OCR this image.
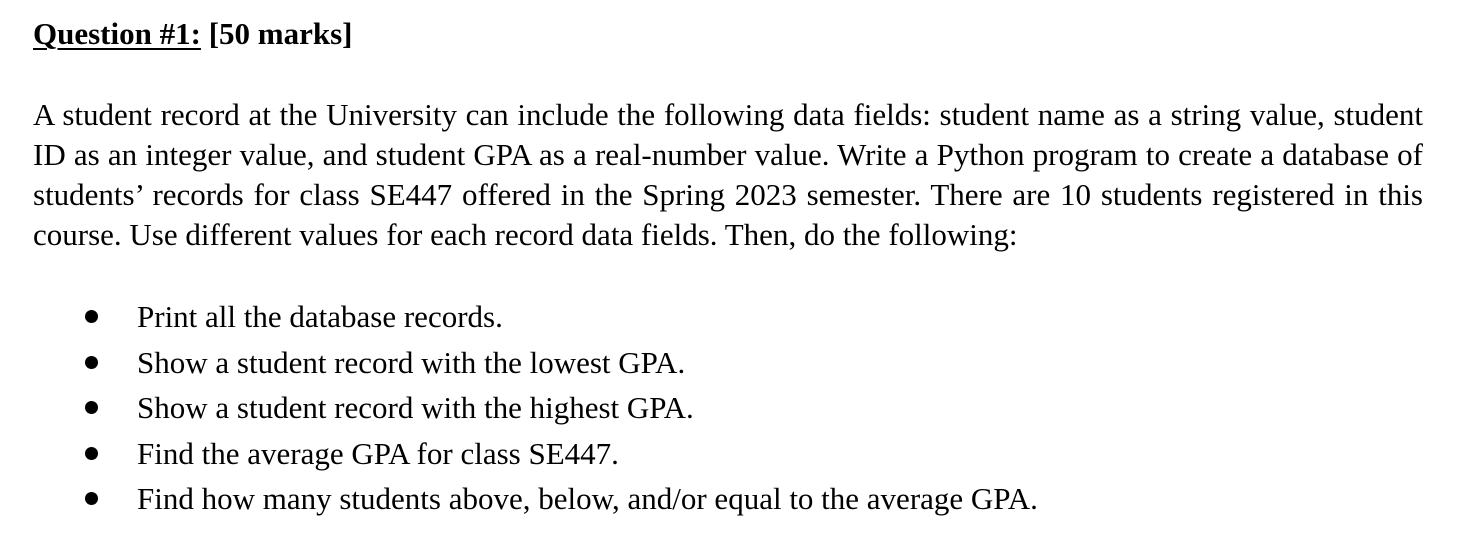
Question #1: [50 marks]
A student record at the University can include the following data fields: student name as a string value, student ID as an integer value, and student GPA as a real-number value. Write a Python program to create a database of students’ records for class SE447 offered in the Spring 2023 semester. There are 10 students registered in this course. Use different values for each record data fields. Then, do the following:
Print all the database records.
Show a student record with the lowest GPA.
Show a student record with the highest GPA.
Find the average GPA for class SE447.
Find how many students above, below, and/or equal to the average GPA.
